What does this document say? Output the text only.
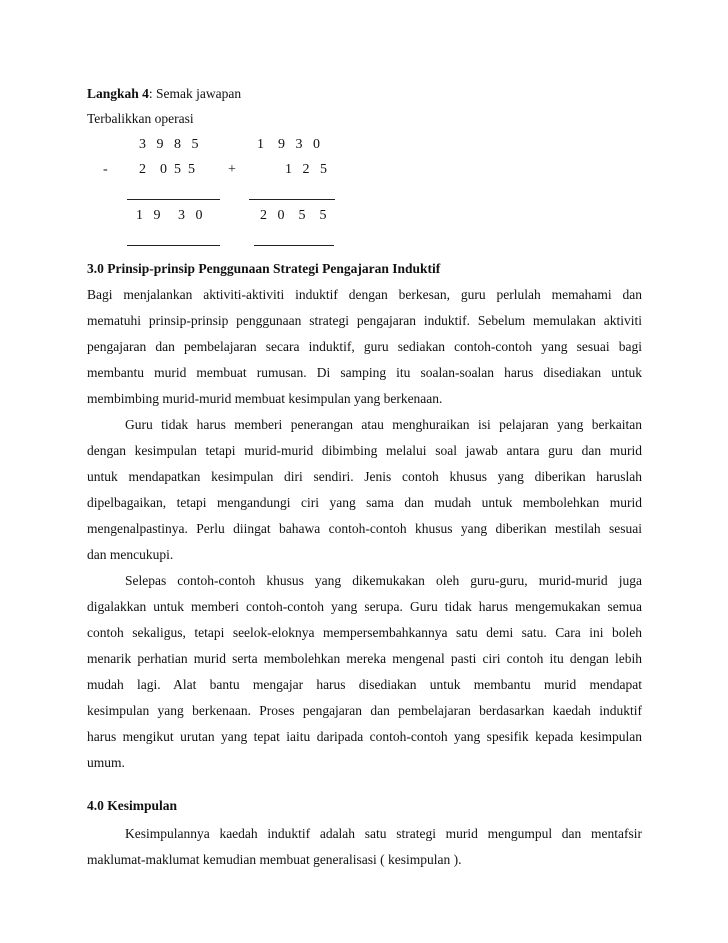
Langkah 4: Semak jawapan
Terbalikkan operasi
3   9   8   5	1    9   3   0
- 2    0  5  5 +	1   2   5
1   9     3   0	2   0    5    5
3.0 Prinsip-prinsip Penggunaan Strategi Pengajaran Induktif
Bagi menjalankan aktiviti-aktiviti induktif dengan berkesan, guru perlulah memahami dan
mematuhi prinsip-prinsip penggunaan strategi pengajaran induktif. Sebelum memulakan aktiviti
pengajaran dan pembelajaran secara induktif, guru sediakan contoh-contoh yang sesuai bagi
membantu murid membuat rumusan. Di samping itu soalan-soalan harus disediakan untuk
membimbing murid-murid membuat kesimpulan yang berkenaan.
Guru tidak harus memberi penerangan atau menghuraikan isi pelajaran yang berkaitan
dengan kesimpulan tetapi murid-murid dibimbing melalui soal jawab antara guru dan murid
untuk mendapatkan kesimpulan diri sendiri. Jenis contoh khusus yang diberikan haruslah
dipelbagaikan, tetapi mengandungi ciri yang sama dan mudah untuk membolehkan murid
mengenalpastinya. Perlu diingat bahawa contoh-contoh khusus yang diberikan mestilah sesuai
dan mencukupi.
Selepas contoh-contoh khusus yang dikemukakan oleh guru-guru, murid-murid juga
digalakkan untuk memberi contoh-contoh yang serupa. Guru tidak harus mengemukakan semua
contoh sekaligus, tetapi seelok-eloknya mempersembahkannya satu demi satu. Cara ini boleh
menarik perhatian murid serta membolehkan mereka mengenal pasti ciri contoh itu dengan lebih
mudah lagi. Alat bantu mengajar harus disediakan untuk membantu murid mendapat
kesimpulan yang berkenaan. Proses pengajaran dan pembelajaran berdasarkan kaedah induktif
harus mengikut urutan yang tepat iaitu daripada contoh-contoh yang spesifik kepada kesimpulan
umum.
4.0 Kesimpulan
Kesimpulannya kaedah induktif adalah satu strategi murid mengumpul dan mentafsir
maklumat-maklumat kemudian membuat generalisasi ( kesimpulan ).
